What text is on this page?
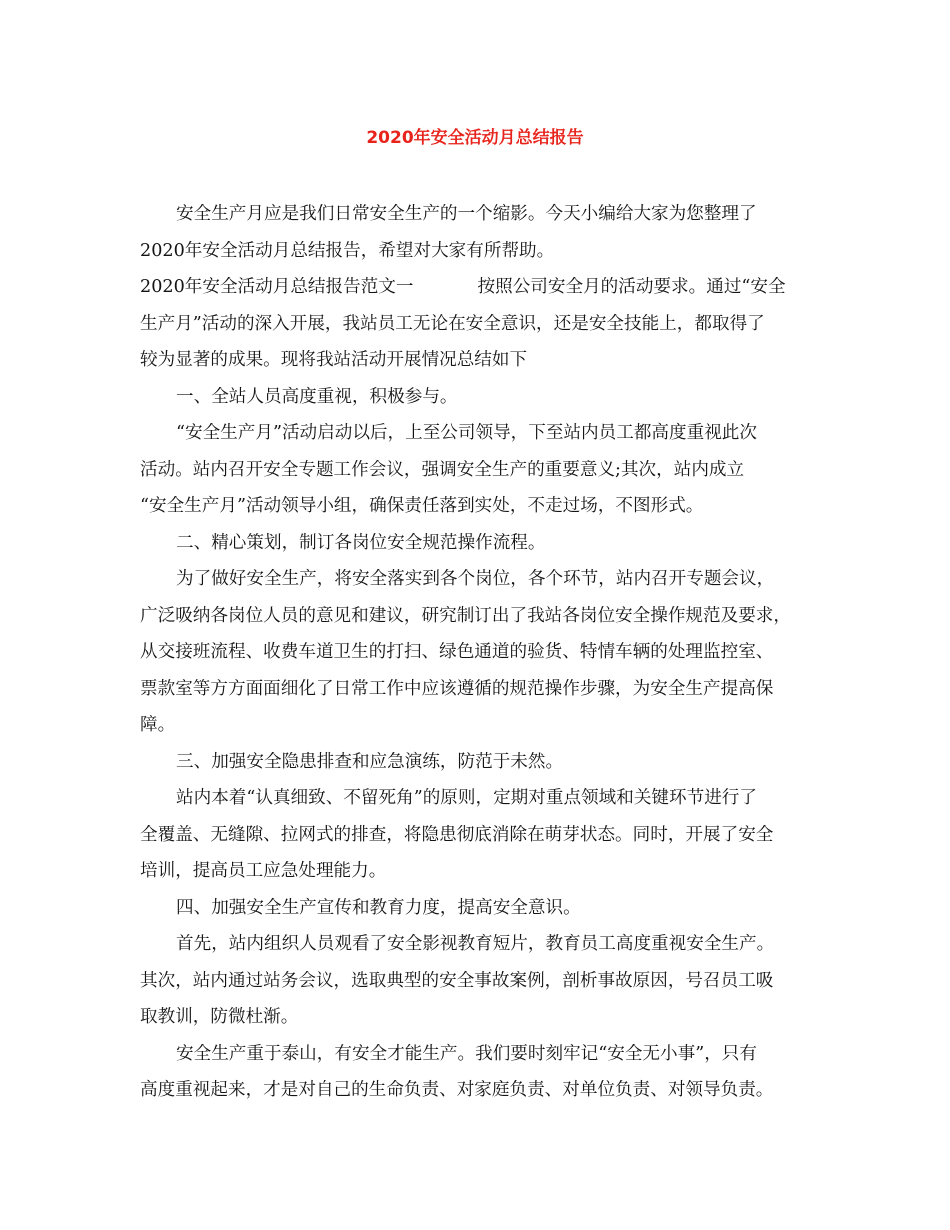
2020年安全活动月总结报告
安全生产月应是我们日常安全生产的一个缩影。今天小编给大家为您整理了
2020年安全活动月总结报告，希望对大家有所帮助。
2020年安全活动月总结报告范文一	按照公司安全月的活动要求。通过“安全
生产月”活动的深入开展，我站员工无论在安全意识，还是安全技能上，都取得了
较为显著的成果。现将我站活动开展情况总结如下
一、全站人员高度重视，积极参与。
“安全生产月”活动启动以后，上至公司领导，下至站内员工都高度重视此次
活动。站内召开安全专题工作会议，强调安全生产的重要意义;其次，站内成立
“安全生产月”活动领导小组，确保责任落到实处，不走过场，不图形式。
二、精心策划，制订各岗位安全规范操作流程。
为了做好安全生产，将安全落实到各个岗位，各个环节，站内召开专题会议，
广泛吸纳各岗位人员的意见和建议，研究制订出了我站各岗位安全操作规范及要求，
从交接班流程、收费车道卫生的打扫、绿色通道的验货、特情车辆的处理监控室、
票款室等方方面面细化了日常工作中应该遵循的规范操作步骤，为安全生产提高保
障。
三、加强安全隐患排查和应急演练，防范于未然。
站内本着“认真细致、不留死角”的原则，定期对重点领域和关键环节进行了
全覆盖、无缝隙、拉网式的排查，将隐患彻底消除在萌芽状态。同时，开展了安全
培训，提高员工应急处理能力。
四、加强安全生产宣传和教育力度，提高安全意识。
首先，站内组织人员观看了安全影视教育短片，教育员工高度重视安全生产。
其次，站内通过站务会议，选取典型的安全事故案例，剖析事故原因，号召员工吸
取教训，防微杜渐。
安全生产重于泰山，有安全才能生产。我们要时刻牢记“安全无小事”，只有
高度重视起来，才是对自己的生命负责、对家庭负责、对单位负责、对领导负责。
